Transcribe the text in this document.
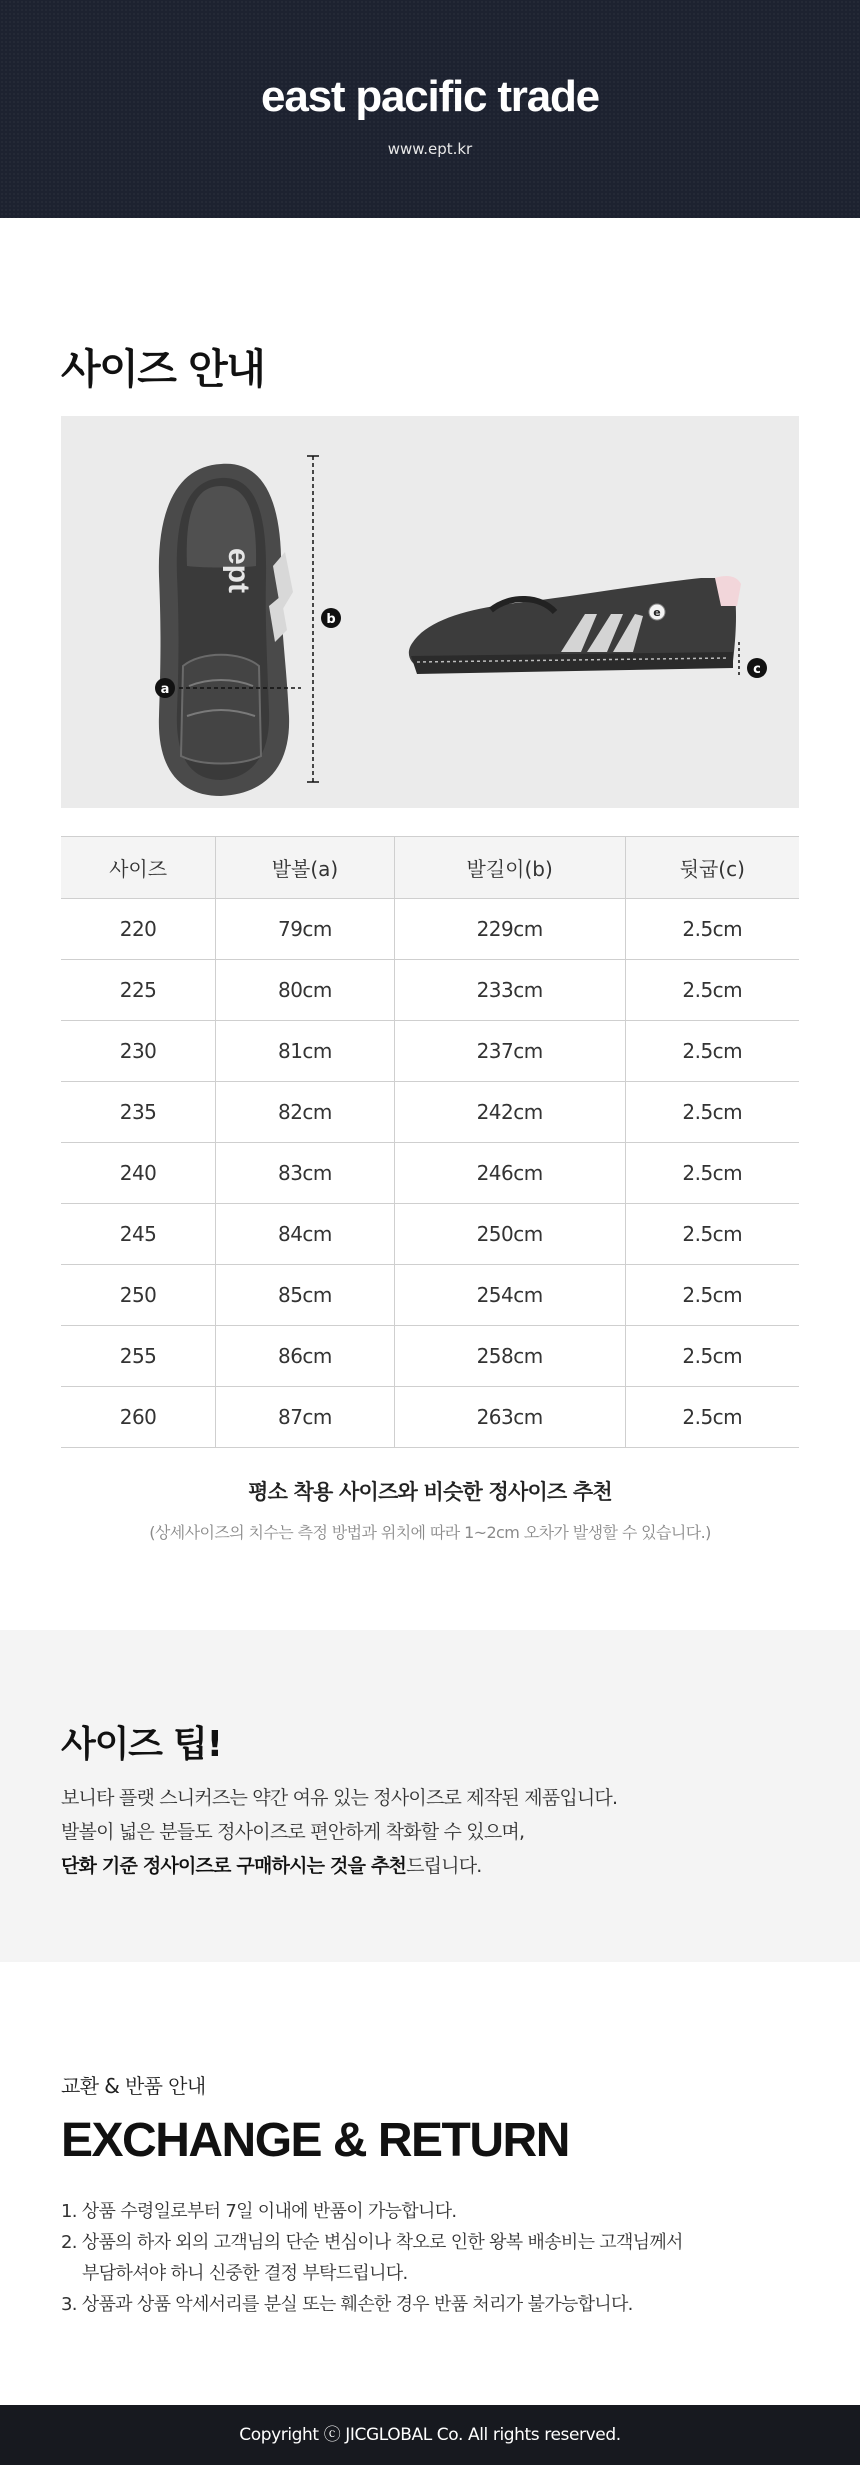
east pacific trade
www.ept.kr
사이즈 안내
ept
a
b	e
c
사이즈	발볼(a)	발길이(b)	뒷굽(c)
220	79cm	229cm	2.5cm
225	80cm	233cm	2.5cm
230	81cm	237cm	2.5cm
235	82cm	242cm	2.5cm
240	83cm	246cm	2.5cm
245	84cm	250cm	2.5cm
250	85cm	254cm	2.5cm
255	86cm	258cm	2.5cm
260	87cm	263cm	2.5cm
평소 착용 사이즈와 비슷한 정사이즈 추천
(상세사이즈의 치수는 측정 방법과 위치에 따라 1~2cm 오차가 발생할 수 있습니다.)
사이즈 팁!
보니타 플랫 스니커즈는 약간 여유 있는 정사이즈로 제작된 제품입니다.
발볼이 넓은 분들도 정사이즈로 편안하게 착화할 수 있으며,
단화 기준 정사이즈로 구매하시는 것을 추천드립니다.
교환 & 반품 안내
EXCHANGE & RETURN
1. 상품 수령일로부터 7일 이내에 반품이 가능합니다.
2. 상품의 하자 외의 고객님의 단순 변심이나 착오로 인한 왕복 배송비는 고객님께서
부담하셔야 하니 신중한 결정 부탁드립니다.
3. 상품과 상품 악세서리를 분실 또는 훼손한 경우 반품 처리가 불가능합니다.
Copyright ⓒ JICGLOBAL Co. All rights reserved.
